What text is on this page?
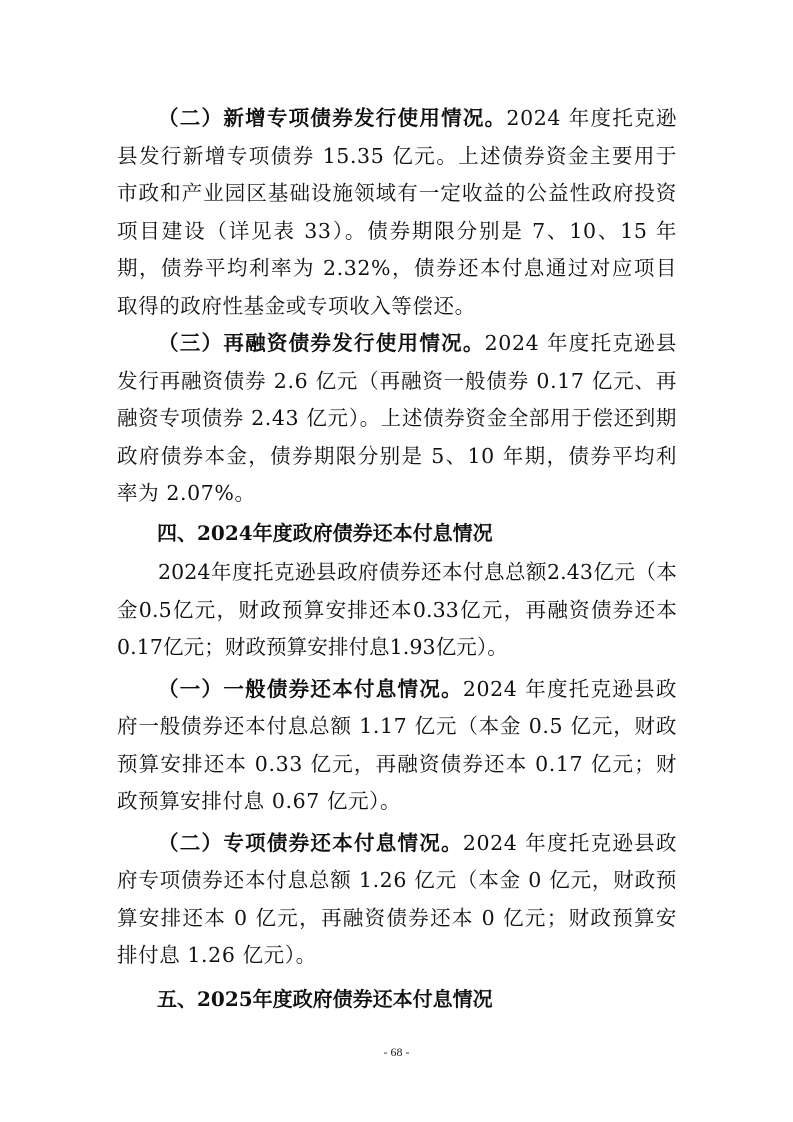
（二）新增专项债券发行使用情况。2024 年度托克逊县发行新增专项债券 15.35 亿元。上述债券资金主要用于市政和产业园区基础设施领域有一定收益的公益性政府投资项目建设（详见表 33）。债券期限分别是 7、10、15 年期，债券平均利率为 2.32%，债券还本付息通过对应项目取得的政府性基金或专项收入等偿还。

（三）再融资债券发行使用情况。2024 年度托克逊县发行再融资债券 2.6 亿元（再融资一般债券 0.17 亿元、再融资专项债券 2.43 亿元）。上述债券资金全部用于偿还到期政府债券本金，债券期限分别是 5、10 年期，债券平均利率为 2.07%。

四、2024年度政府债券还本付息情况

2024年度托克逊县政府债券还本付息总额2.43亿元（本金0.5亿元，财政预算安排还本0.33亿元，再融资债券还本0.17亿元；财政预算安排付息1.93亿元）。

（一）一般债券还本付息情况。2024 年度托克逊县政府一般债券还本付息总额 1.17 亿元（本金 0.5 亿元，财政预算安排还本 0.33 亿元，再融资债券还本 0.17 亿元；财政预算安排付息 0.67 亿元）。

（二）专项债券还本付息情况。2024 年度托克逊县政府专项债券还本付息总额 1.26 亿元（本金 0 亿元，财政预算安排还本 0 亿元，再融资债券还本 0 亿元；财政预算安排付息 1.26 亿元）。

五、2025年度政府债券还本付息情况

- 68 -
